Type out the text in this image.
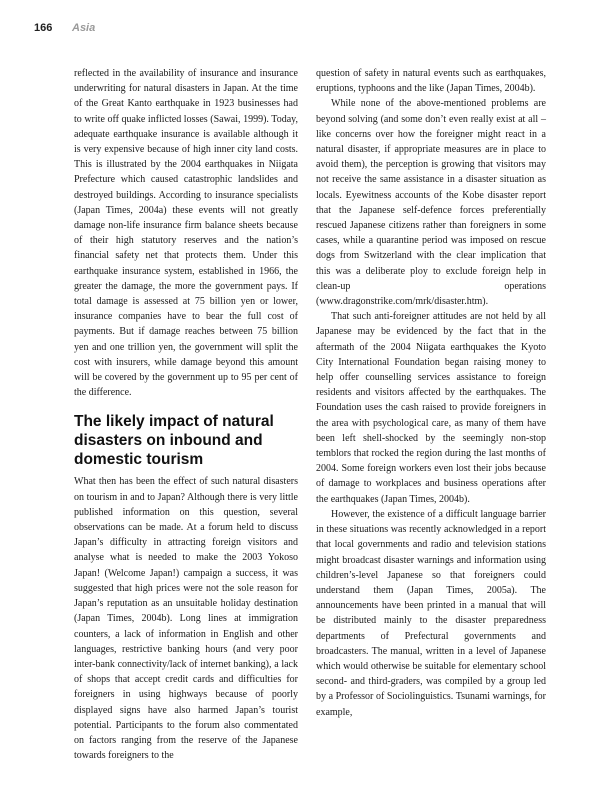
166 Asia

reflected in the availability of insurance and insurance underwriting for natural disasters in Japan. At the time of the Great Kanto earthquake in 1923 businesses had to write off quake inflicted losses (Sawai, 1999). Today, adequate earthquake insurance is available although it is very expensive because of high inner city land costs. This is illustrated by the 2004 earthquakes in Niigata Prefecture which caused catastrophic landslides and destroyed buildings. According to insurance specialists (Japan Times, 2004a) these events will not greatly damage non-life insurance firm balance sheets because of their high statutory reserves and the nation’s financial safety net that protects them. Under this earthquake insurance system, established in 1966, the greater the damage, the more the government pays. If total damage is assessed at 75 billion yen or lower, insurance companies have to bear the full cost of payments. But if damage reaches between 75 billion yen and one trillion yen, the government will split the cost with insurers, while damage beyond this amount will be covered by the government up to 95 per cent of the difference.

The likely impact of natural disasters on inbound and domestic tourism

What then has been the effect of such natural disasters on tourism in and to Japan? Although there is very little published information on this question, several observations can be made. At a forum held to discuss Japan’s difficulty in attracting foreign visitors and analyse what is needed to make the 2003 Yokoso Japan! (Welcome Japan!) campaign a success, it was suggested that high prices were not the sole reason for Japan’s reputation as an unsuitable holiday destination (Japan Times, 2004b). Long lines at immigration counters, a lack of information in English and other languages, restrictive banking hours (and very poor inter-bank connectivity/lack of internet banking), a lack of shops that accept credit cards and difficulties for foreigners in using highways because of poorly displayed signs have also harmed Japan’s tourist potential. Participants to the forum also commentated on factors ranging from the reserve of the Japanese towards foreigners to the

question of safety in natural events such as earthquakes, eruptions, typhoons and the like (Japan Times, 2004b).

While none of the above-mentioned problems are beyond solving (and some don’t even really exist at all – like concerns over how the foreigner might react in a natural disaster, if appropriate measures are in place to avoid them), the perception is growing that visitors may not receive the same assistance in a disaster situation as locals. Eyewitness accounts of the Kobe disaster report that the Japanese self-defence forces preferentially rescued Japanese citizens rather than foreigners in some cases, while a quarantine period was imposed on rescue dogs from Switzerland with the clear implication that this was a deliberate ploy to exclude foreign help in clean-up operations (www.dragonstrike.com/mrk/disaster.htm).

That such anti-foreigner attitudes are not held by all Japanese may be evidenced by the fact that in the aftermath of the 2004 Niigata earthquakes the Kyoto City International Foundation began raising money to help offer counselling services assistance to foreign residents and visitors affected by the earthquakes. The Foundation uses the cash raised to provide foreigners in the area with psychological care, as many of them have been left shell-shocked by the seemingly non-stop temblors that rocked the region during the last months of 2004. Some foreign workers even lost their jobs because of damage to workplaces and business operations after the earthquakes (Japan Times, 2004b).

However, the existence of a difficult language barrier in these situations was recently acknowledged in a report that local governments and radio and television stations might broadcast disaster warnings and information using children’s-level Japanese so that foreigners could understand them (Japan Times, 2005a). The announcements have been printed in a manual that will be distributed mainly to the disaster preparedness departments of Prefectural governments and broadcasters. The manual, written in a level of Japanese which would otherwise be suitable for elementary school second- and third-graders, was compiled by a group led by a Professor of Sociolinguistics. Tsunami warnings, for example,
